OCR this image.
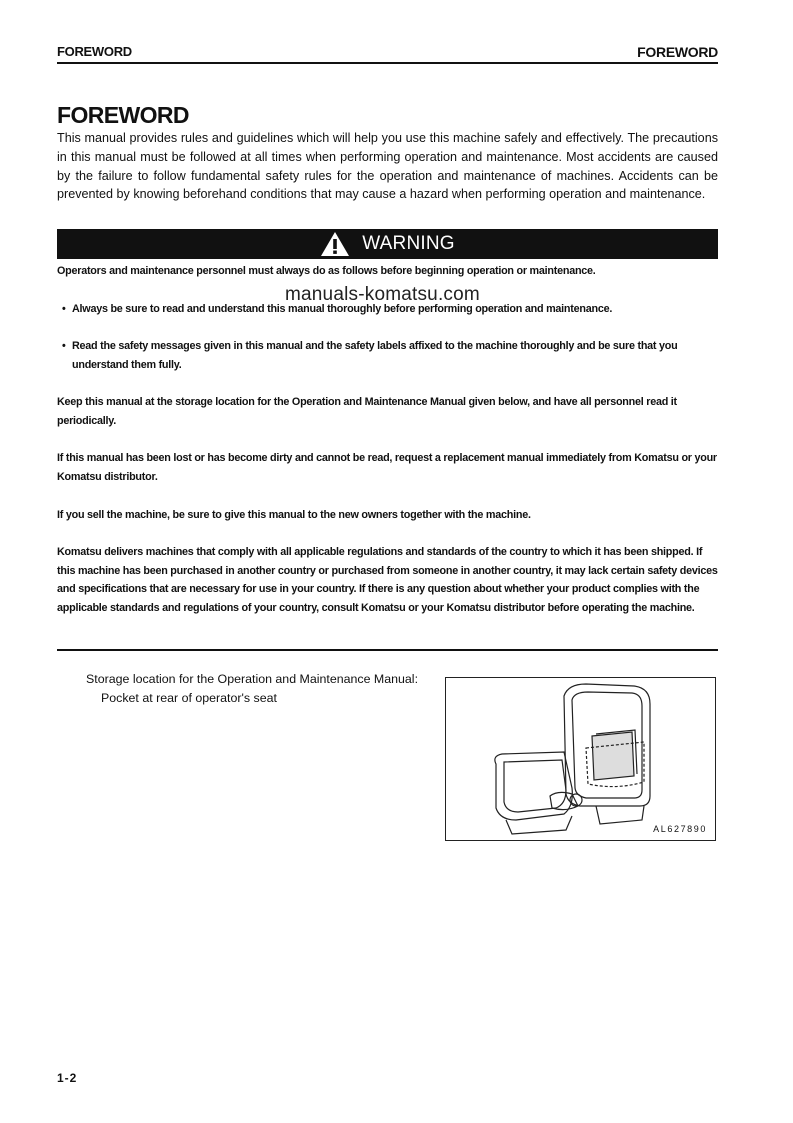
FOREWORD	FOREWORD
FOREWORD
This manual provides rules and guidelines which will help you use this machine safely and effectively. The precautions in this manual must be followed at all times when performing operation and maintenance. Most accidents are caused by the failure to follow fundamental safety rules for the operation and maintenance of machines. Accidents can be prevented by knowing beforehand conditions that may cause a hazard when performing operation and maintenance.
WARNING
Operators and maintenance personnel must always do as follows before beginning operation or maintenance.
• Always be sure to read and understand this manual thoroughly before performing operation and maintenance.
• Read the safety messages given in this manual and the safety labels affixed to the machine thoroughly and be sure that you understand them fully.
Keep this manual at the storage location for the Operation and Maintenance Manual given below, and have all personnel read it periodically.
If this manual has been lost or has become dirty and cannot be read, request a replacement manual immediately from Komatsu or your Komatsu distributor.
If you sell the machine, be sure to give this manual to the new owners together with the machine.
Komatsu delivers machines that comply with all applicable regulations and standards of the country to which it has been shipped. If this machine has been purchased in another country or purchased from someone in another country, it may lack certain safety devices and specifications that are necessary for use in your country. If there is any question about whether your product complies with the applicable standards and regulations of your country, consult Komatsu or your Komatsu distributor before operating the machine.
manuals-komatsu.com
Storage location for the Operation and Maintenance Manual:
Pocket at rear of operator's seat
AL627890
1-2
